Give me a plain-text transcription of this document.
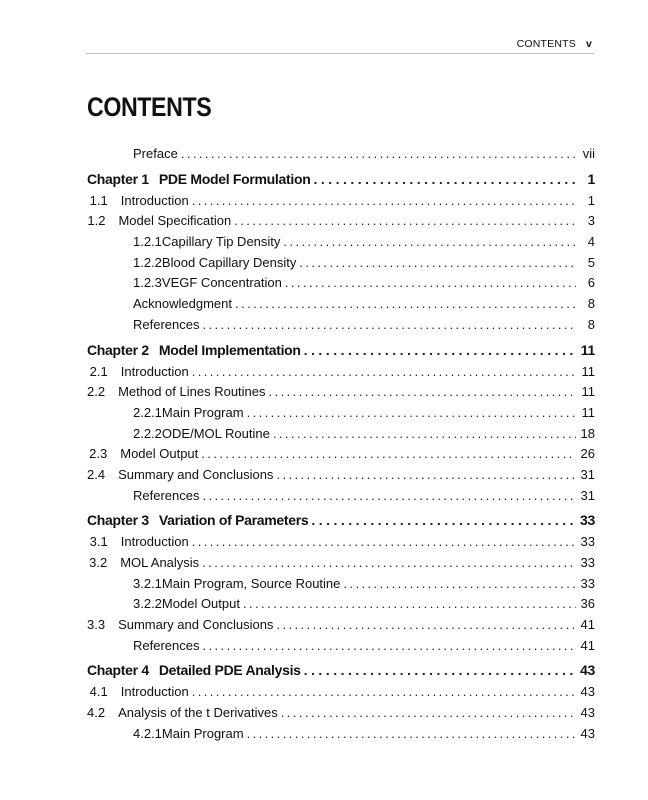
CONTENTS v
CONTENTS
Preface . . .	vii
Chapter 1 PDE Model Formulation . . .	1
1.1	Introduction . . .	1
1.2	Model Specification . . .	3
1.2.1 Capillary Tip Density . . .	4
1.2.2 Blood Capillary Density . . .	5
1.2.3 VEGF Concentration . . .	6
Acknowledgment . . .	8
References . . .	8
Chapter 2 Model Implementation . . .	11
2.1	Introduction . . .	11
2.2	Method of Lines Routines . . .	11
2.2.1 Main Program . . .	11
2.2.2 ODE/MOL Routine . . .	18
2.3	Model Output . . .	26
2.4	Summary and Conclusions . . .	31
References . . .	31
Chapter 3 Variation of Parameters . . .	33
3.1	Introduction . . .	33
3.2	MOL Analysis . . .	33
3.2.1 Main Program, Source Routine . . .	33
3.2.2 Model Output . . .	36
3.3	Summary and Conclusions . . .	41
References . . .	41
Chapter 4 Detailed PDE Analysis . . .	43
4.1	Introduction . . .	43
4.2	Analysis of the t Derivatives . . .	43
4.2.1 Main Program . . .	43
